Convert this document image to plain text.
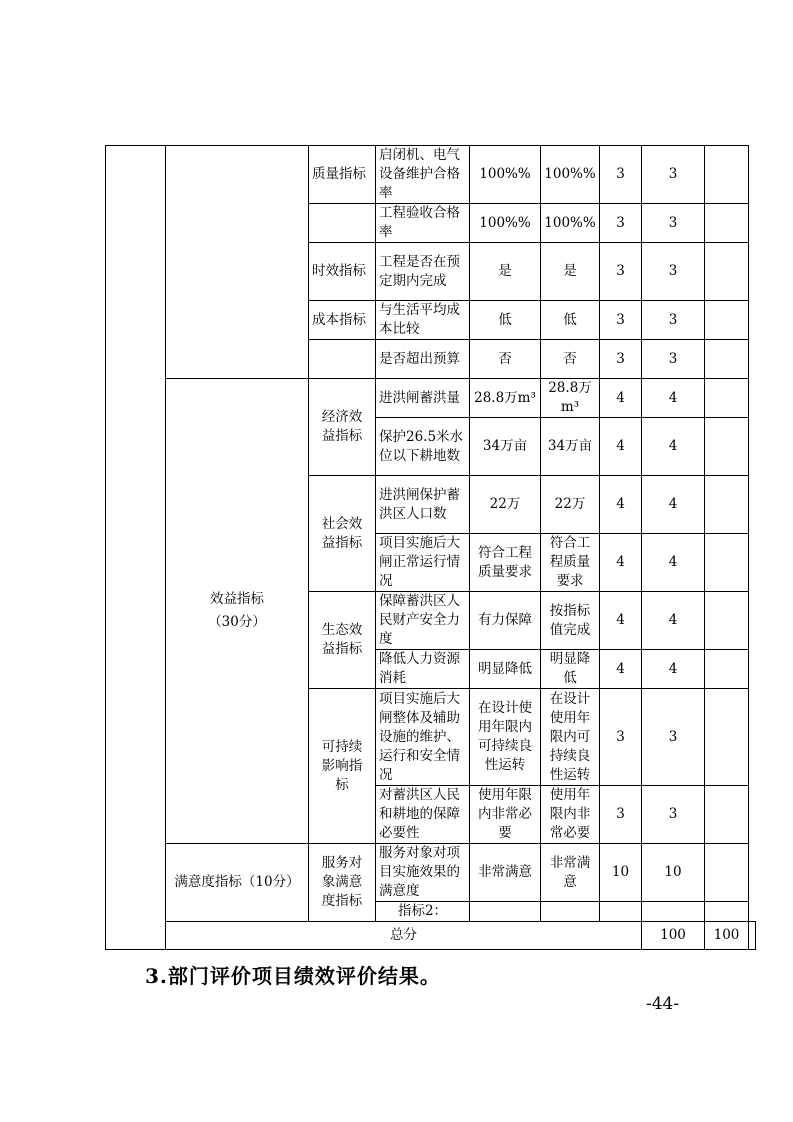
		质量指标	启闭机、电气设备维护合格率	100%%	100%%	3	3		
			工程验收合格率	100%%	100%%	3	3		
		时效指标	工程是否在预定期内完成	是	是	3	3		
		成本指标	与生活平均成本比较	低	低	3	3		
			是否超出预算	否	否	3	3		

	效益指标（30分）	经济效益指标	进洪闸蓄洪量	28.8万m³	28.8万m³	4	4		
			保护26.5米水位以下耕地数	34万亩	34万亩	4	4		

		社会效益指标	进洪闸保护蓄洪区人口数	22万	22万	4	4		
			项目实施后大闸正常运行情况	符合工程质量要求	符合工程质量要求	4	4		

		生态效益指标	保障蓄洪区人民财产安全力度	有力保障	按指标值完成	4	4		
			降低人力资源消耗	明显降低	明显降低	4	4		

		可持续影响指标	项目实施后大闸整体及辅助设施的维护、运行和安全情况	在设计使用年限内可持续良性运转	在设计使用年限内可持续良性运转	3	3		
			对蓄洪区人民和耕地的保障必要性	使用年限内非常必要	使用年限内非常必要	3	3		
	满意度指标（10分）	服务对象满意度指标	服务对象对项目实施效果的满意度	非常满意	非常满意	10	10		
			指标2：						
	总分						100	100	
3.部门评价项目绩效评价结果。
-44-
